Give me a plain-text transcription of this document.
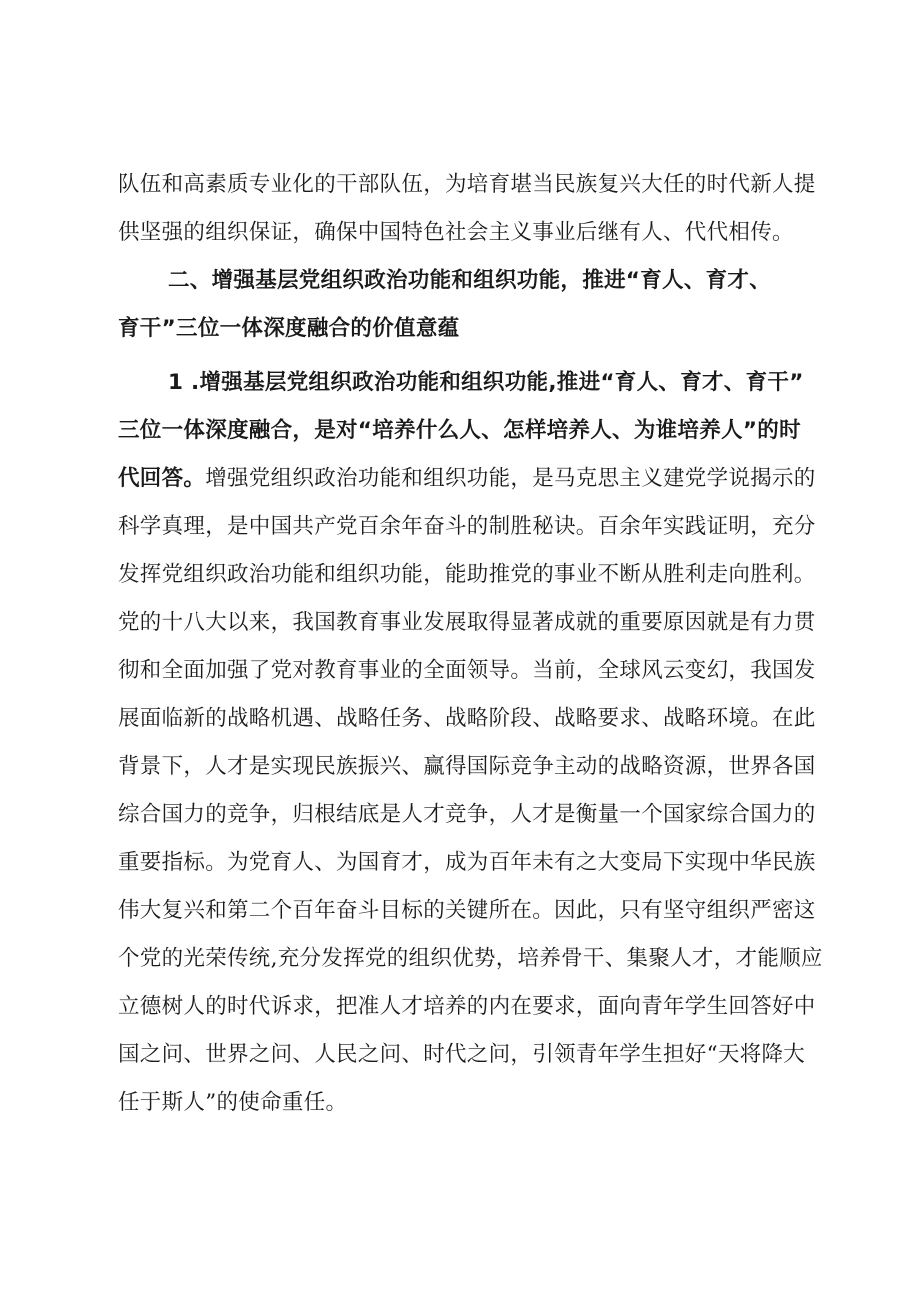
队伍和高素质专业化的干部队伍，为培育堪当民族复兴大任的时代新人提
供坚强的组织保证，确保中国特色社会主义事业后继有人、代代相传。
二、增强基层党组织政治功能和组织功能，推进“育人、育才、
育干”三位一体深度融合的价值意蕴
1 .增强基层党组织政治功能和组织功能,推进“育人、育才、育干”
三位一体深度融合，是对“培养什么人、怎样培养人、为谁培养人”的时
代回答。增强党组织政治功能和组织功能，是马克思主义建党学说揭示的
科学真理，是中国共产党百余年奋斗的制胜秘诀。百余年实践证明，充分
发挥党组织政治功能和组织功能，能助推党的事业不断从胜利走向胜利。
党的十八大以来，我国教育事业发展取得显著成就的重要原因就是有力贯
彻和全面加强了党对教育事业的全面领导。当前，全球风云变幻，我国发
展面临新的战略机遇、战略任务、战略阶段、战略要求、战略环境。在此
背景下，人才是实现民族振兴、赢得国际竞争主动的战略资源，世界各国
综合国力的竞争，归根结底是人才竞争，人才是衡量一个国家综合国力的
重要指标。为党育人、为国育才，成为百年未有之大变局下实现中华民族
伟大复兴和第二个百年奋斗目标的关键所在。因此，只有坚守组织严密这
个党的光荣传统,充分发挥党的组织优势，培养骨干、集聚人才，才能顺应
立德树人的时代诉求，把准人才培养的内在要求，面向青年学生回答好中
国之问、世界之问、人民之问、时代之问，引领青年学生担好“天将降大
任于斯人”的使命重任。
